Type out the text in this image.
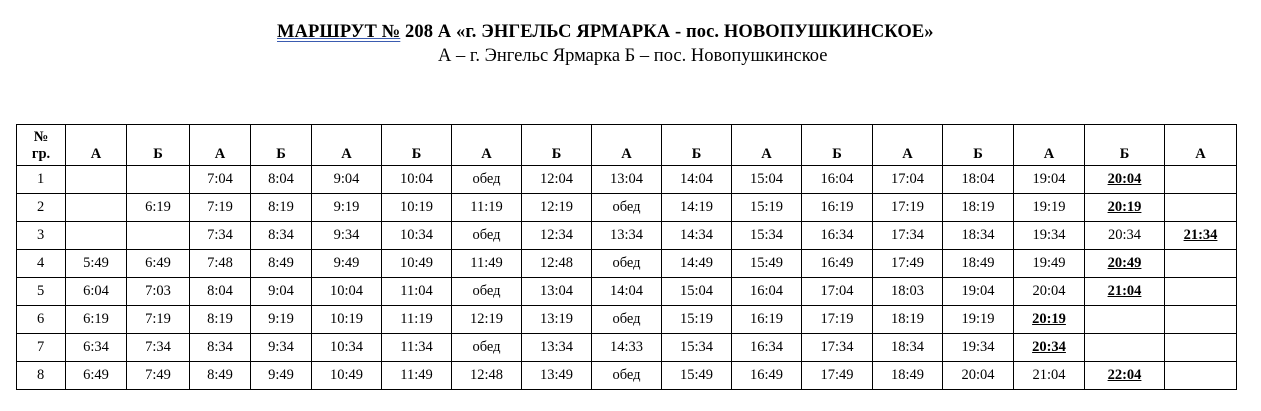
МАРШРУТ № 208 А «г. ЭНГЕЛЬС ЯРМАРКА - пос. НОВОПУШКИНСКОЕ»
А – г. Энгельс Ярмарка Б – пос. Новопушкинское
№ гр.	А	Б	А	Б	А	Б	А	Б	А	Б	А	Б	А	Б	А	Б	А
1			7:04	8:04	9:04	10:04	обед	12:04	13:04	14:04	15:04	16:04	17:04	18:04	19:04	20:04	
2		6:19	7:19	8:19	9:19	10:19	11:19	12:19	обед	14:19	15:19	16:19	17:19	18:19	19:19	20:19	
3			7:34	8:34	9:34	10:34	обед	12:34	13:34	14:34	15:34	16:34	17:34	18:34	19:34	20:34	21:34
4	5:49	6:49	7:48	8:49	9:49	10:49	11:49	12:48	обед	14:49	15:49	16:49	17:49	18:49	19:49	20:49	
5	6:04	7:03	8:04	9:04	10:04	11:04	обед	13:04	14:04	15:04	16:04	17:04	18:03	19:04	20:04	21:04	
6	6:19	7:19	8:19	9:19	10:19	11:19	12:19	13:19	обед	15:19	16:19	17:19	18:19	19:19	20:19		
7	6:34	7:34	8:34	9:34	10:34	11:34	обед	13:34	14:33	15:34	16:34	17:34	18:34	19:34	20:34		
8	6:49	7:49	8:49	9:49	10:49	11:49	12:48	13:49	обед	15:49	16:49	17:49	18:49	20:04	21:04	22:04	
